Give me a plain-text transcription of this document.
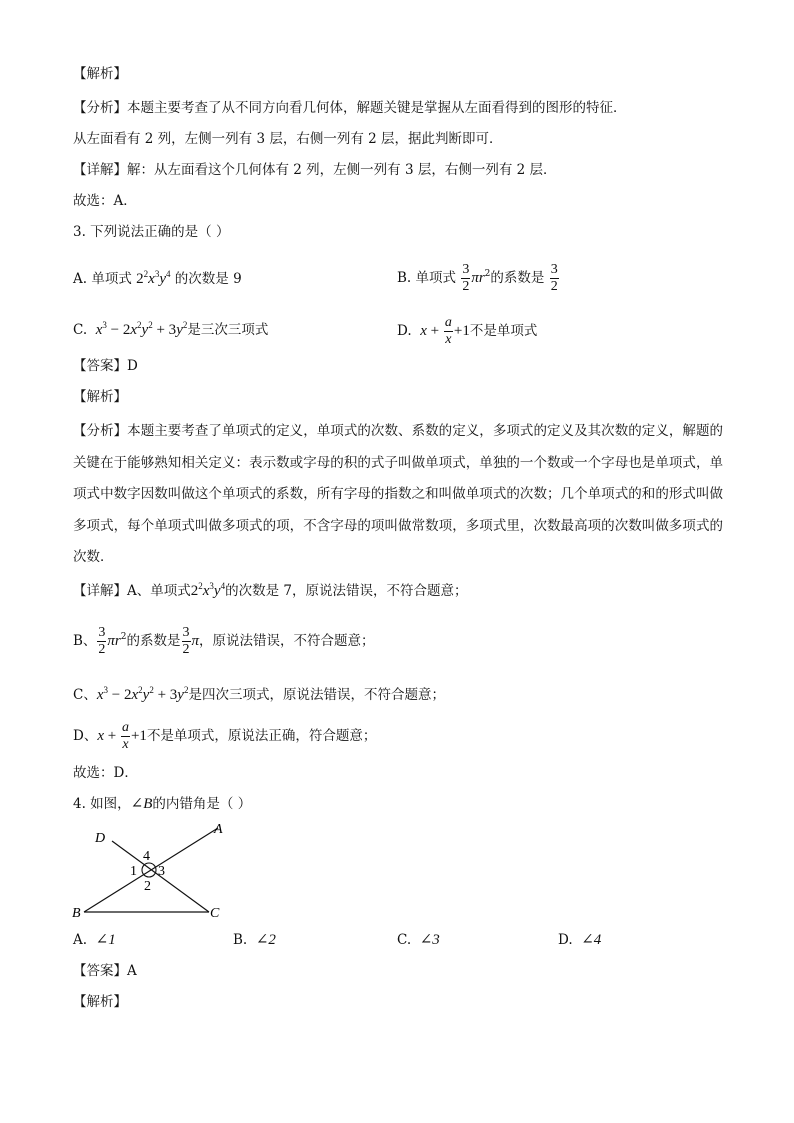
【解析】
【分析】本题主要考查了从不同方向看几何体，解题关键是掌握从左面看得到的图形的特征．
从左面看有 2 列，左侧一列有 3 层，右侧一列有 2 层，据此判断即可．
【详解】解：从左面看这个几何体有 2 列，左侧一列有 3 层，右侧一列有 2 层．
故选：A．
3. 下列说法正确的是（ ）
A. 单项式 $2^2x^3y^4$ 的次数是 9	B. 单项式 $\frac{3}{2} \pi r^2$的系数是 $\frac{3}{2}$
C. $x^3 - 2x^2y^2 + 3y^2$是三次三项式	D. $x + \frac{a}{x} +1$不是单项式
【答案】D
【解析】
【分析】本题主要考查了单项式的定义，单项式的次数、系数的定义，多项式的定义及其次数的定义，解题的关键在于能够熟知相关定义：表示数或字母的积的式子叫做单项式，单独的一个数或一个字母也是单项式，单项式中数字因数叫做这个单项式的系数，所有字母的指数之和叫做单项式的次数；几个单项式的和的形式叫做多项式，每个单项式叫做多项式的项，不含字母的项叫做常数项，多项式里，次数最高项的次数叫做多项式的次数．
【详解】A、单项式$2^2x^3y^4$的次数是 7，原说法错误，不符合题意；
B、 $\frac{3}{2} \pi r^2$的系数是 $\frac{3}{2}$ π，原说法错误，不符合题意；
C、$x^3 - 2x^2y^2 + 3y^2$是四次三项式，原说法错误，不符合题意；
D、$x + \frac{a}{x} +1$不是单项式，原说法正确，符合题意；
故选：D．
4. 如图，∠B的内错角是（ ）
D
A
B	C
4
1 3
2
A. ∠1	B. ∠2	C. ∠3	D. ∠4
【答案】A
【解析】
